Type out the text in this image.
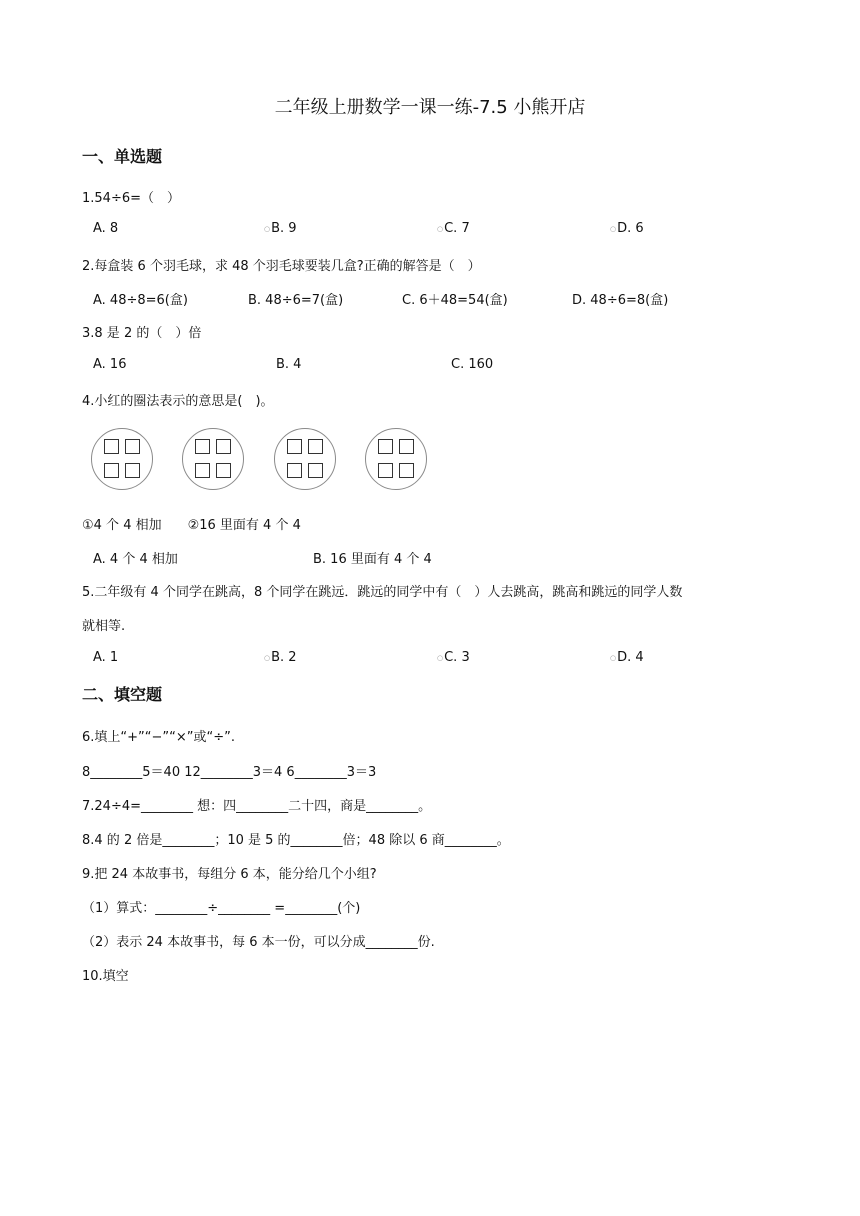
二年级上册数学一课一练-7.5 小熊开店
一、单选题
1.54÷6=（　）
A. 8	○B. 9	○C. 7	○D. 6
2.每盒装 6 个羽毛球，求 48 个羽毛球要装几盒?正确的解答是（　）
A. 48÷8=6(盒)	B. 48÷6=7(盒)	C. 6＋48=54(盒)	D. 48÷6=8(盒)
3.8 是 2 的（　）倍
A. 16	B. 4	C. 160
4.小红的圈法表示的意思是(　)。
①4 个 4 相加　　②16 里面有 4 个 4
A. 4 个 4 相加	B. 16 里面有 4 个 4
5.二年级有 4 个同学在跳高，8 个同学在跳远．跳远的同学中有（　）人去跳高，跳高和跳远的同学人数
就相等.
A. 1	○B. 2	○C. 3	○D. 4
二、填空题
6.填上“+”“−”“×”或“÷”.
8________5＝40 12________3＝4 6________3＝3
7.24÷4=________ 想：四________二十四，商是________。
8.4 的 2 倍是________；10 是 5 的________倍；48 除以 6 商________。
9.把 24 本故事书，每组分 6 本，能分给几个小组?
（1）算式：________÷________ =________(个)
（2）表示 24 本故事书，每 6 本一份，可以分成________份.
10.填空
